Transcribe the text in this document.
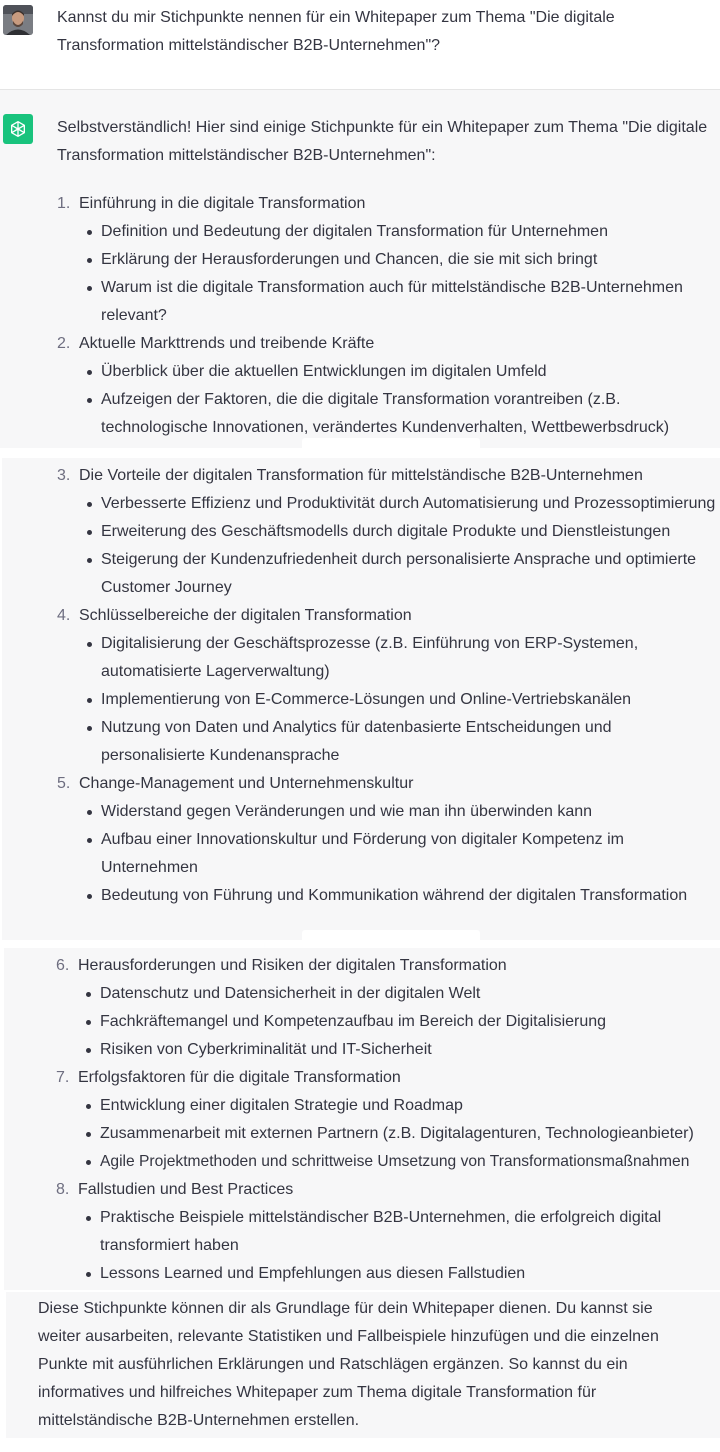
Kannst du mir Stichpunkte nennen für ein Whitepaper zum Thema "Die digitale Transformation mittelständischer B2B-Unternehmen"?

Selbstverständlich! Hier sind einige Stichpunkte für ein Whitepaper zum Thema "Die digitale Transformation mittelständischer B2B-Unternehmen":

1. Einführung in die digitale Transformation
Definition und Bedeutung der digitalen Transformation für Unternehmen
Erklärung der Herausforderungen und Chancen, die sie mit sich bringt
Warum ist die digitale Transformation auch für mittelständische B2B-Unternehmen relevant?
2. Aktuelle Markttrends und treibende Kräfte
Überblick über die aktuellen Entwicklungen im digitalen Umfeld
Aufzeigen der Faktoren, die die digitale Transformation vorantreiben (z.B. technologische Innovationen, verändertes Kundenverhalten, Wettbewerbsdruck)
3. Die Vorteile der digitalen Transformation für mittelständische B2B-Unternehmen
Verbesserte Effizienz und Produktivität durch Automatisierung und Prozessoptimierung
Erweiterung des Geschäftsmodells durch digitale Produkte und Dienstleistungen
Steigerung der Kundenzufriedenheit durch personalisierte Ansprache und optimierte Customer Journey
4. Schlüsselbereiche der digitalen Transformation
Digitalisierung der Geschäftsprozesse (z.B. Einführung von ERP-Systemen, automatisierte Lagerverwaltung)
Implementierung von E-Commerce-Lösungen und Online-Vertriebskanälen
Nutzung von Daten und Analytics für datenbasierte Entscheidungen und personalisierte Kundenansprache
5. Change-Management und Unternehmenskultur
Widerstand gegen Veränderungen und wie man ihn überwinden kann
Aufbau einer Innovationskultur und Förderung von digitaler Kompetenz im Unternehmen
Bedeutung von Führung und Kommunikation während der digitalen Transformation
6. Herausforderungen und Risiken der digitalen Transformation
Datenschutz und Datensicherheit in der digitalen Welt
Fachkräftemangel und Kompetenzaufbau im Bereich der Digitalisierung
Risiken von Cyberkriminalität und IT-Sicherheit
7. Erfolgsfaktoren für die digitale Transformation
Entwicklung einer digitalen Strategie und Roadmap
Zusammenarbeit mit externen Partnern (z.B. Digitalagenturen, Technologieanbieter)
Agile Projektmethoden und schrittweise Umsetzung von Transformationsmaßnahmen
8. Fallstudien und Best Practices
Praktische Beispiele mittelständischer B2B-Unternehmen, die erfolgreich digital transformiert haben
Lessons Learned und Empfehlungen aus diesen Fallstudien

Diese Stichpunkte können dir als Grundlage für dein Whitepaper dienen. Du kannst sie weiter ausarbeiten, relevante Statistiken und Fallbeispiele hinzufügen und die einzelnen Punkte mit ausführlichen Erklärungen und Ratschlägen ergänzen. So kannst du ein informatives und hilfreiches Whitepaper zum Thema digitale Transformation für mittelständische B2B-Unternehmen erstellen.
